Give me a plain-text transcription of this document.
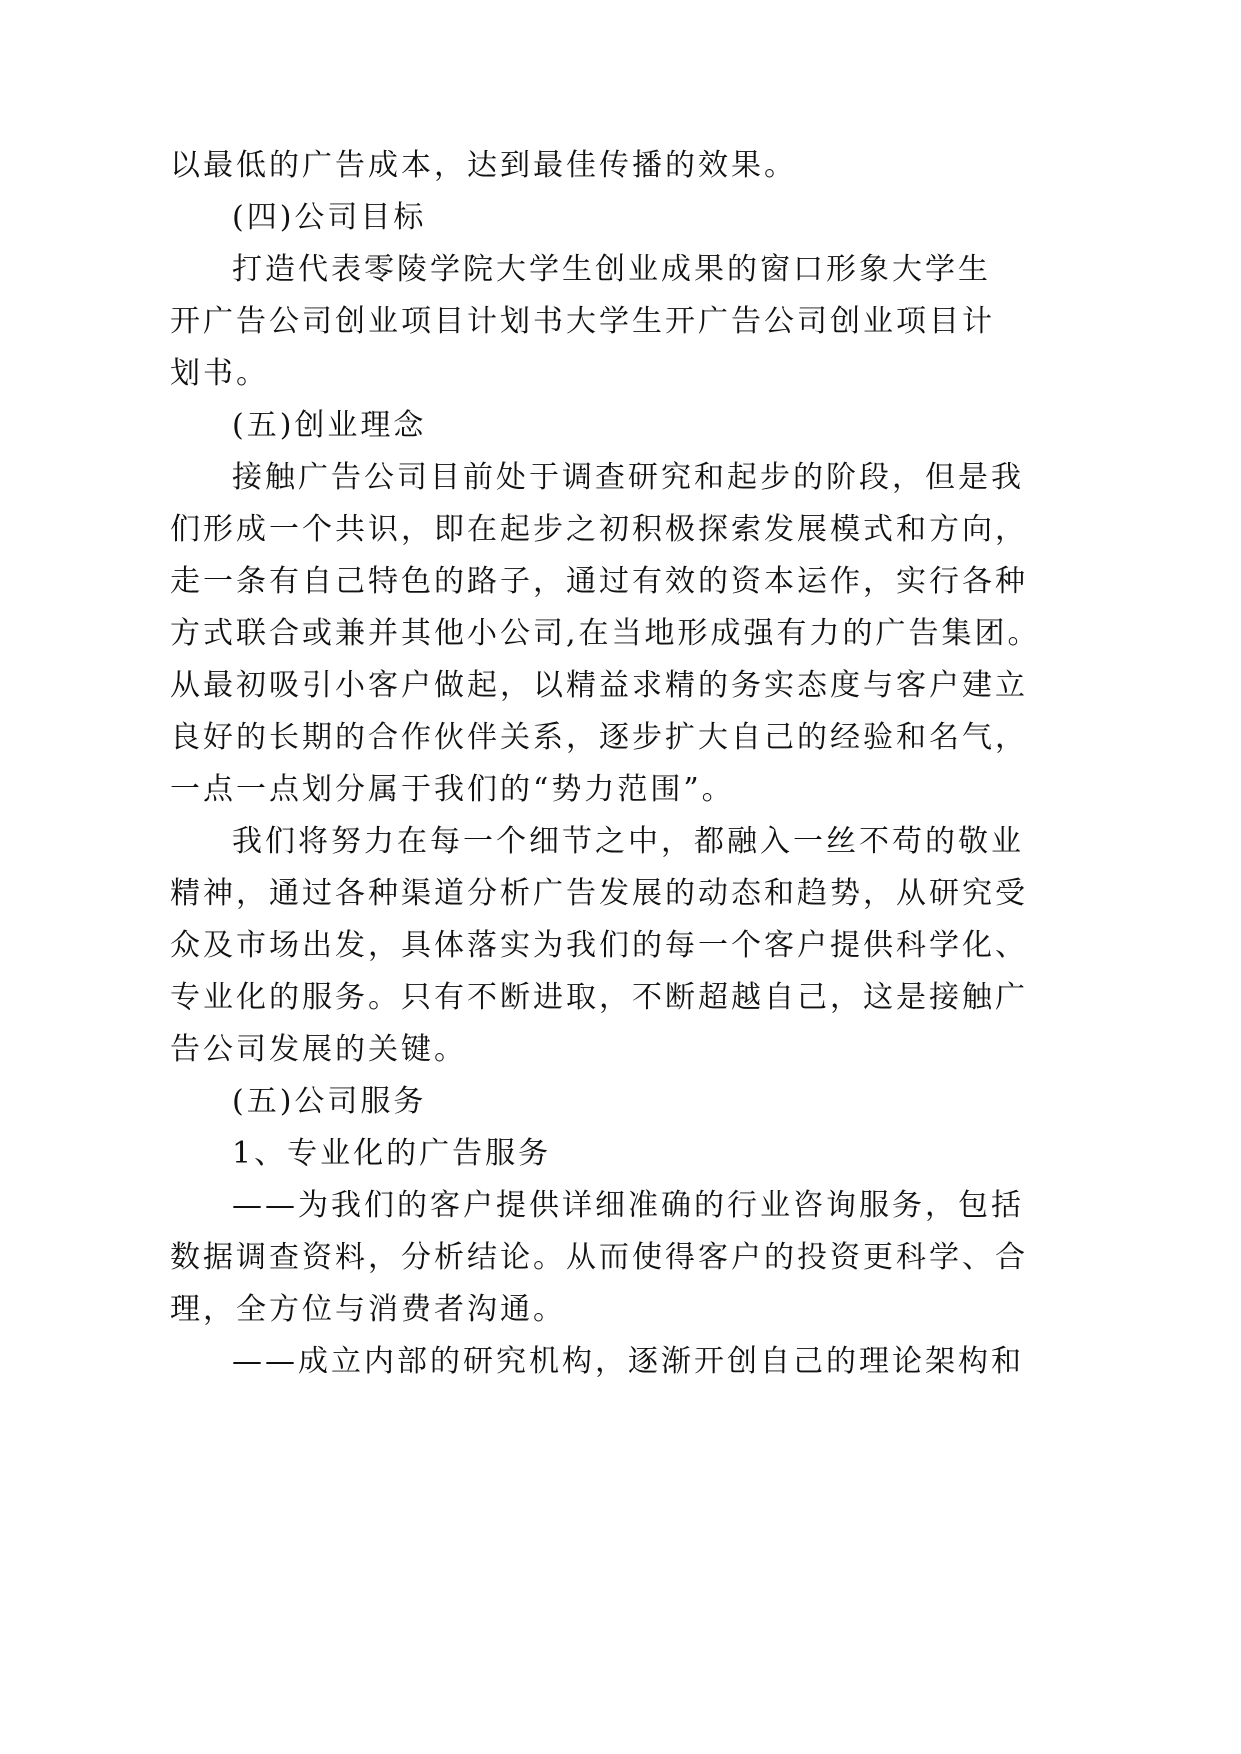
以最低的广告成本，达到最佳传播的效果。
(四)公司目标
打造代表零陵学院大学生创业成果的窗口形象大学生
开广告公司创业项目计划书大学生开广告公司创业项目计
划书。
(五)创业理念
接触广告公司目前处于调查研究和起步的阶段，但是我
们形成一个共识，即在起步之初积极探索发展模式和方向，
走一条有自己特色的路子，通过有效的资本运作，实行各种
方式联合或兼并其他小公司,在当地形成强有力的广告集团。
从最初吸引小客户做起，以精益求精的务实态度与客户建立
良好的长期的合作伙伴关系，逐步扩大自己的经验和名气，
一点一点划分属于我们的“势力范围”。
我们将努力在每一个细节之中，都融入一丝不苟的敬业
精神，通过各种渠道分析广告发展的动态和趋势，从研究受
众及市场出发，具体落实为我们的每一个客户提供科学化、
专业化的服务。只有不断进取，不断超越自己，这是接触广
告公司发展的关键。
(五)公司服务
1、专业化的广告服务
——为我们的客户提供详细准确的行业咨询服务，包括
数据调查资料，分析结论。从而使得客户的投资更科学、合
理，全方位与消费者沟通。
——成立内部的研究机构，逐渐开创自己的理论架构和
